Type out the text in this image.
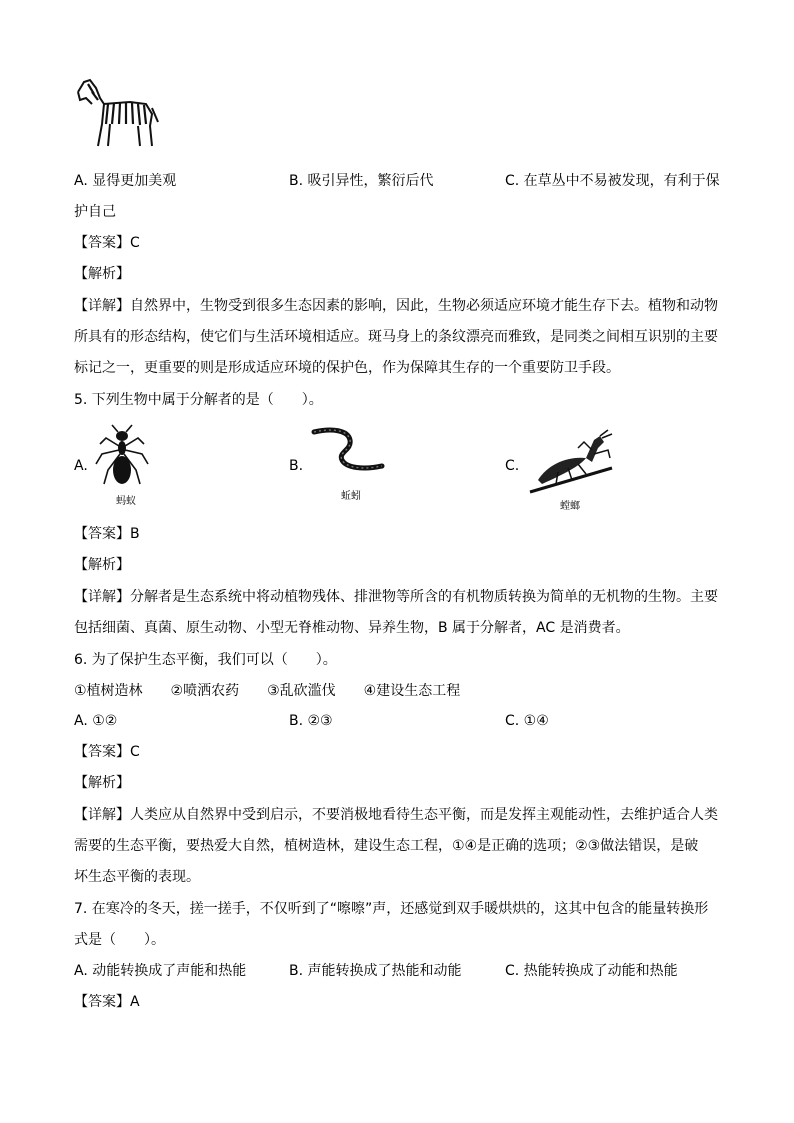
A. 显得更加美观	B. 吸引异性，繁衍后代	C. 在草丛中不易被发现，有利于保
护自己
【答案】C
【解析】
【详解】自然界中，生物受到很多生态因素的影响，因此，生物必须适应环境才能生存下去。植物和动物
所具有的形态结构，使它们与生活环境相适应。斑马身上的条纹漂亮而雅致，是同类之间相互识别的主要
标记之一，更重要的则是形成适应环境的保护色，作为保障其生存的一个重要防卫手段。
5. 下列生物中属于分解者的是（　　）。
A.
蚂蚁
B.
蚯蚓
C.
螳螂
【答案】B
【解析】
【详解】分解者是生态系统中将动植物残体、排泄物等所含的有机物质转换为简单的无机物的生物。主要
包括细菌、真菌、原生动物、小型无脊椎动物、异养生物，B 属于分解者，AC 是消费者。
6. 为了保护生态平衡，我们可以（　　）。
①植树造林　　②喷洒农药　　③乱砍滥伐　　④建设生态工程
A. ①②	B. ②③	C. ①④
【答案】C
【解析】
【详解】人类应从自然界中受到启示，不要消极地看待生态平衡，而是发挥主观能动性，去维护适合人类
需要的生态平衡，要热爱大自然，植树造林，建设生态工程，①④是正确的选项；②③做法错误，是破
坏生态平衡的表现。
7. 在寒冷的冬天，搓一搓手，不仅听到了“嚓嚓”声，还感觉到双手暖烘烘的，这其中包含的能量转换形
式是（　　）。
A. 动能转换成了声能和热能	B. 声能转换成了热能和动能	C. 热能转换成了动能和热能
【答案】A
